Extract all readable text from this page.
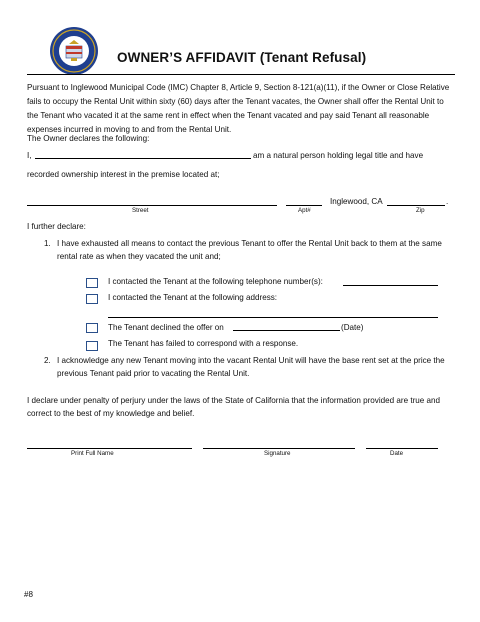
OWNER’S AFFIDAVIT (Tenant Refusal)
Pursuant to Inglewood Municipal Code (IMC) Chapter 8, Article 9, Section 8-121(a)(11), if the Owner or Close Relative fails to occupy the Rental Unit within sixty (60) days after the Tenant vacates, the Owner shall offer the Rental Unit to the Tenant who vacated it at the same rent in effect when the Tenant vacated and pay said Tenant all reasonable expenses incurred in moving to and from the Rental Unit.
The Owner declares the following:
I,	am a natural person holding legal title and have
recorded ownership interest in the premise located at;
Street	Apt#
Inglewood, CA	.
Zip
I further declare:
1. I have exhausted all means to contact the previous Tenant to offer the Rental Unit back to them at the same rental rate as when they vacated the unit and;
I contacted the Tenant at the following telephone number(s):
I contacted the Tenant at the following address:
The Tenant declined the offer on	(Date)
The Tenant has failed to correspond with a response.
2. I acknowledge any new Tenant moving into the vacant Rental Unit will have the base rent set at the price the previous Tenant paid prior to vacating the Rental Unit.
I declare under penalty of perjury under the laws of the State of California that the information provided are true and correct to the best of my knowledge and belief.
Print Full Name	Signature	Date
#8
